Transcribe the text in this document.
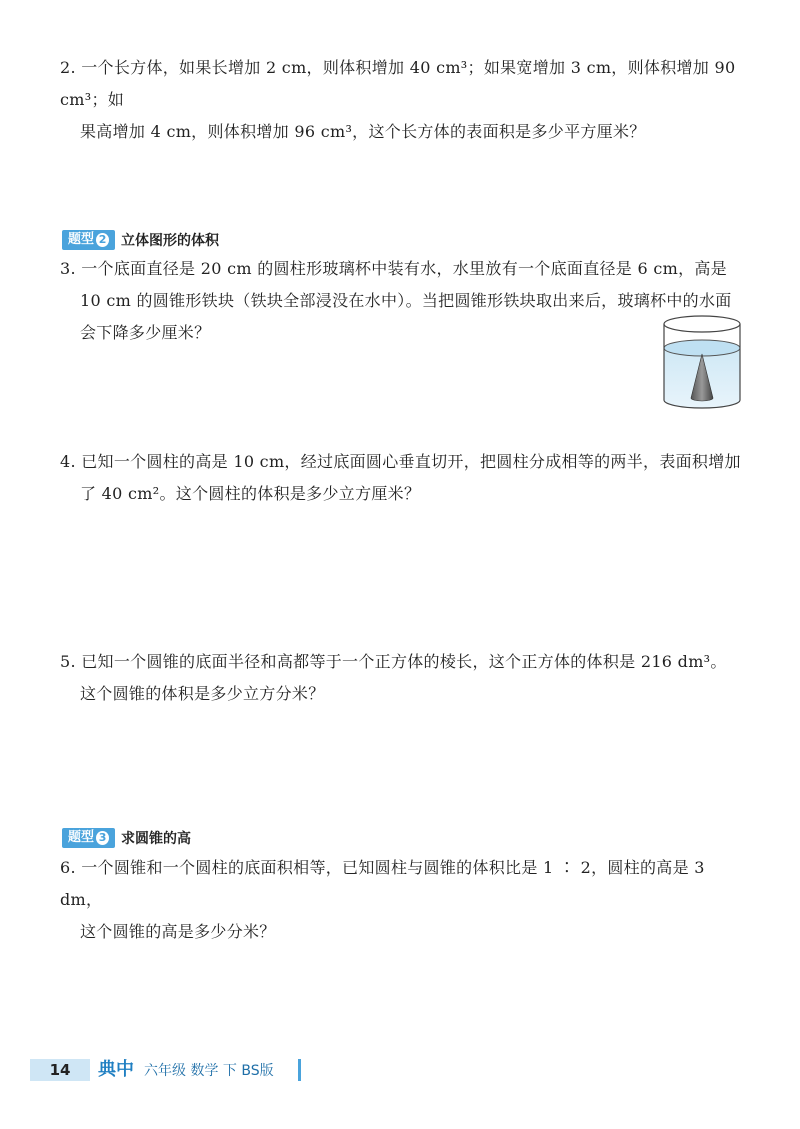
2. 一个长方体，如果长增加 2 cm，则体积增加 40 cm³；如果宽增加 3 cm，则体积增加 90 cm³；如
果高增加 4 cm，则体积增加 96 cm³，这个长方体的表面积是多少平方厘米？
题型 2	立体图形的体积
3. 一个底面直径是 20 cm 的圆柱形玻璃杯中装有水，水里放有一个底面直径是 6 cm，高是
10 cm 的圆锥形铁块（铁块全部浸没在水中）。当把圆锥形铁块取出来后，玻璃杯中的水面
会下降多少厘米？
4. 已知一个圆柱的高是 10 cm，经过底面圆心垂直切开，把圆柱分成相等的两半，表面积增加
了 40 cm²。这个圆柱的体积是多少立方厘米？
5. 已知一个圆锥的底面半径和高都等于一个正方体的棱长，这个正方体的体积是 216 dm³。
这个圆锥的体积是多少立方分米？
题型 3	求圆锥的高
6. 一个圆锥和一个圆柱的底面积相等，已知圆柱与圆锥的体积比是 1 ∶ 2，圆柱的高是 3 dm，
这个圆锥的高是多少分米？
14	典中 六年级 数学 下 BS版
